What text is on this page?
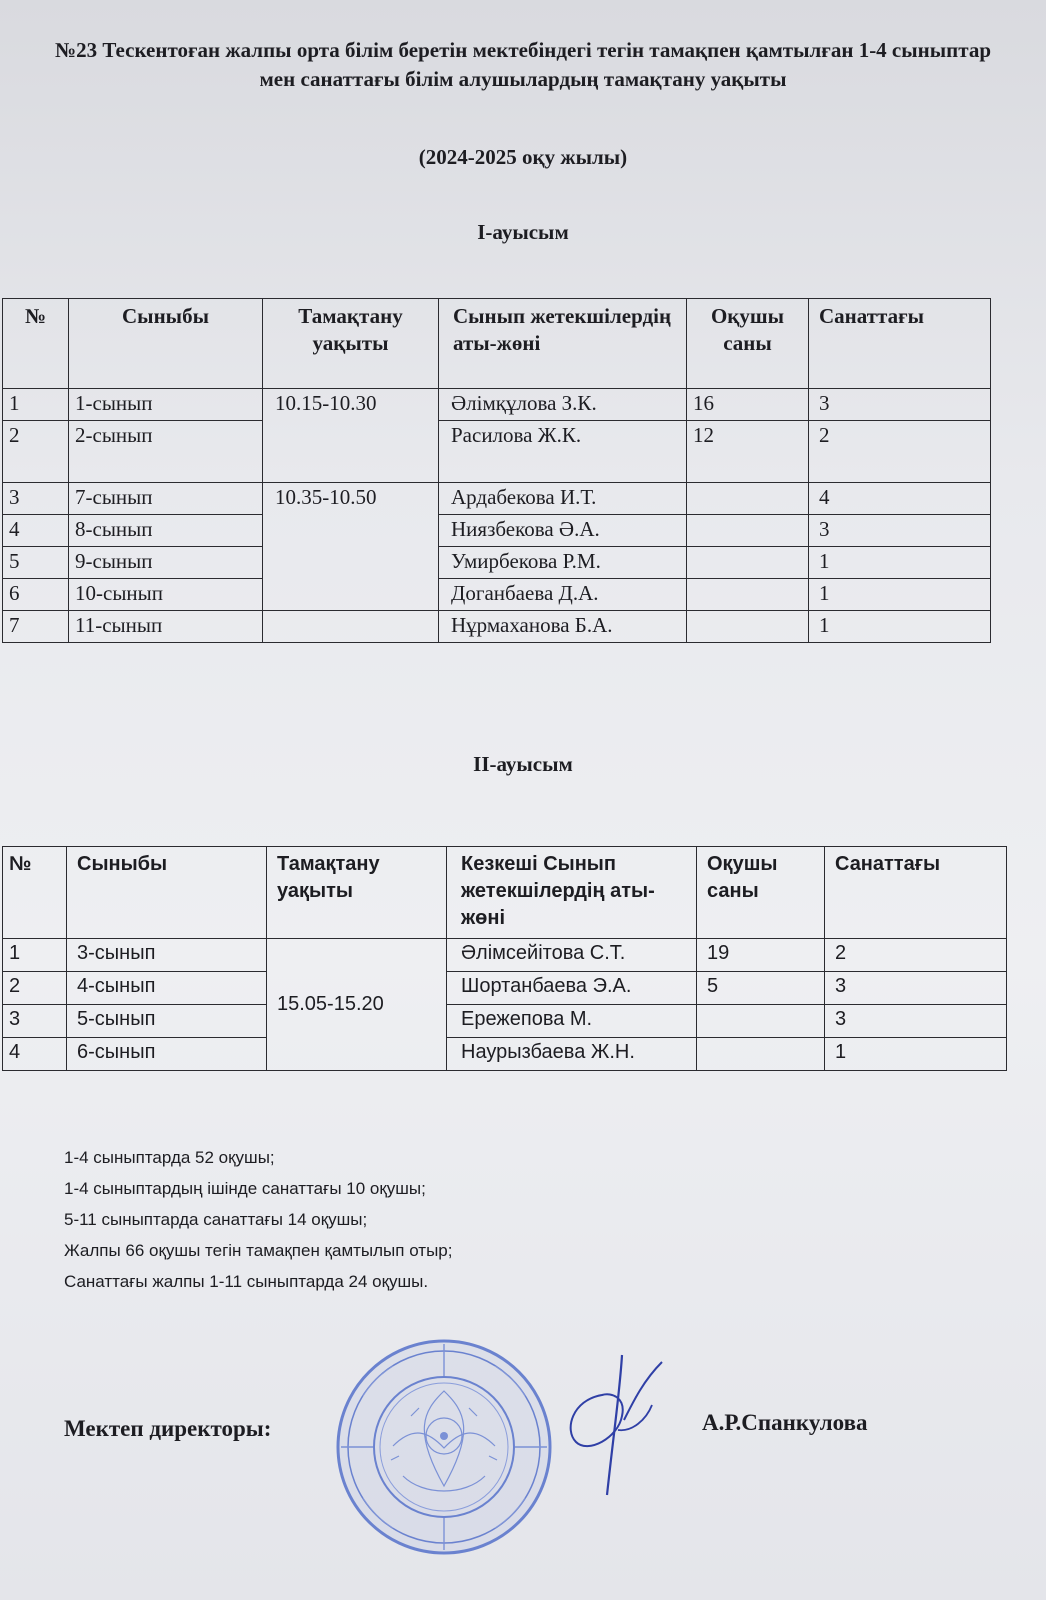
№23 Тескентоған жалпы орта білім беретін мектебіндегі тегін тамақпен қамтылған 1-4 сыныптар мен санаттағы білім алушылардың тамақтану уақыты
(2024-2025 оқу жылы)
І-ауысым
№	Сыныбы	Тамақтану уақыты	Сынып жетекшілердің аты-жөні	Оқушы саны	Санаттағы
1	1-сынып	10.15-10.30	Әлімқұлова З.К.	16	3
2	2-сынып		Расилова Ж.К.	12	2
3	7-сынып	10.35-10.50	Ардабекова И.Т.		4
4	8-сынып		Ниязбекова Ә.А.		3
5	9-сынып		Умирбекова Р.М.		1
6	10-сынып		Доганбаева Д.А.		1
7	11-сынып		Нұрмаханова Б.А.		1
ІІ-ауысым
№	Сыныбы	Тамақтану уақыты	Кезкеші Сынып жетекшілердің аты-жөні	Оқушы саны	Санаттағы
1	3-сынып	15.05-15.20	Әлімсейітова С.Т.	19	2
2	4-сынып		Шортанбаева Э.А.	5	3
3	5-сынып		Ережепова М.		3
4	6-сынып		Наурызбаева Ж.Н.		1
1-4 сыныптарда 52 оқушы;
1-4 сыныптардың ішінде санаттағы 10 оқушы;
5-11 сыныптарда санаттағы 14 оқушы;
Жалпы 66 оқушы тегін тамақпен қамтылып отыр;
Санаттағы жалпы 1-11 сыныптарда 24 оқушы.
Мектеп директоры:	А.Р.Спанкулова
